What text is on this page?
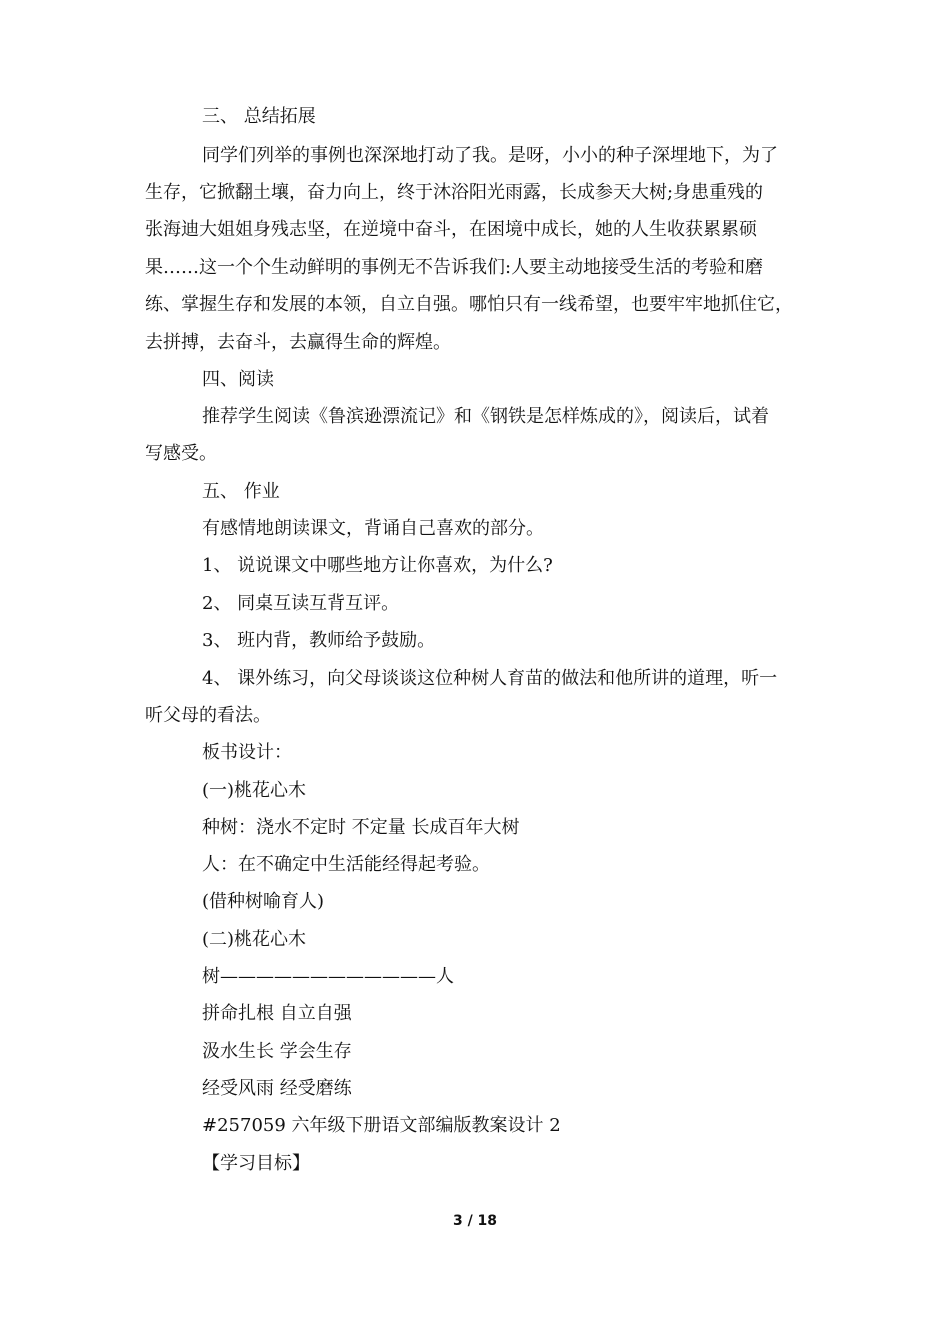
三、 总结拓展
同学们列举的事例也深深地打动了我。是呀，小小的种子深埋地下，为了
生存，它掀翻土壤，奋力向上，终于沐浴阳光雨露，长成参天大树;身患重残的
张海迪大姐姐身残志坚，在逆境中奋斗，在困境中成长，她的人生收获累累硕
果……这一个个生动鲜明的事例无不告诉我们:人要主动地接受生活的考验和磨
练、掌握生存和发展的本领，自立自强。哪怕只有一线希望，也要牢牢地抓住它，
去拼搏，去奋斗，去赢得生命的辉煌。
四、阅读
推荐学生阅读《鲁滨逊漂流记》和《钢铁是怎样炼成的》，阅读后，试着
写感受。
五、 作业
有感情地朗读课文，背诵自己喜欢的部分。
1、 说说课文中哪些地方让你喜欢，为什么?
2、 同桌互读互背互评。
3、 班内背，教师给予鼓励。
4、 课外练习，向父母谈谈这位种树人育苗的做法和他所讲的道理，听一
听父母的看法。
板书设计：
(一)桃花心木
种树：浇水不定时 不定量 长成百年大树
人：在不确定中生活能经得起考验。
(借种树喻育人)
(二)桃花心木
树————————————人
拼命扎根 自立自强
汲水生长 学会生存
经受风雨 经受磨练
#257059 六年级下册语文部编版教案设计 2
【学习目标】
3 / 18
